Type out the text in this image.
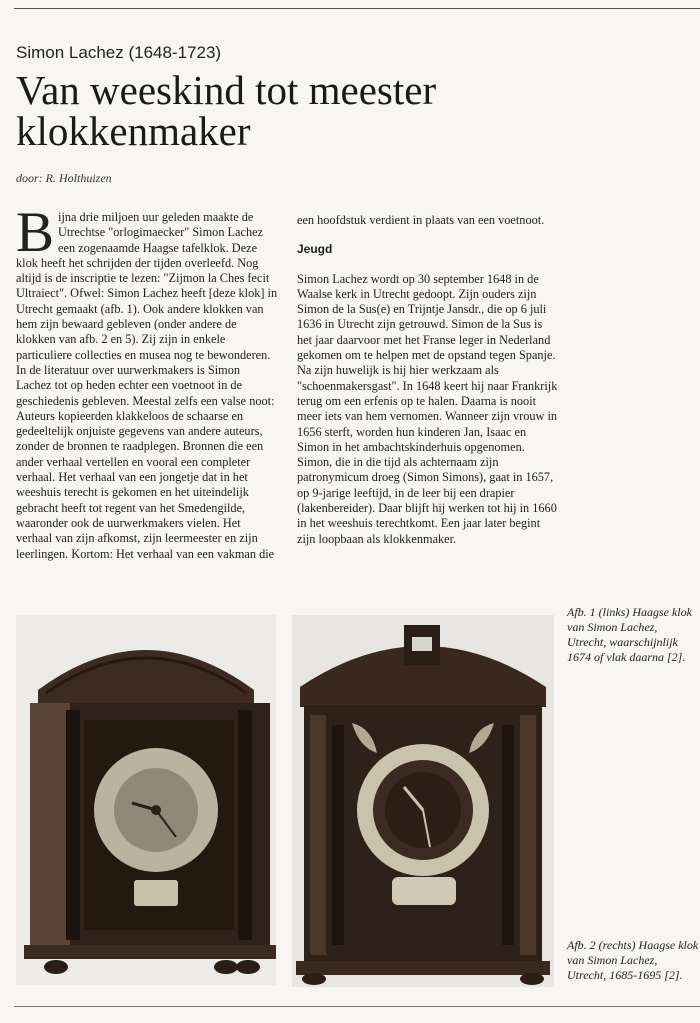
Simon Lachez (1648-1723)
Van weeskind tot meester klokkenmaker
door: R. Holthuizen

Bijna drie miljoen uur geleden maakte de Utrechtse "orlogimaecker" Simon Lachez een zogenaamde Haagse tafelklok. Deze klok heeft het schrijden der tijden overleefd. Nog altijd is de inscriptie te lezen: "Zijmon la Ches fecit Ultraiect". Ofwel: Simon Lachez heeft [deze klok] in Utrecht gemaakt (afb. 1). Ook andere klokken van hem zijn bewaard gebleven (onder andere de klokken van afb. 2 en 5). Zij zijn in enkele particuliere collecties en musea nog te bewonderen.

In de literatuur over uurwerkmakers is Simon Lachez tot op heden echter een voetnoot in de geschiedenis gebleven. Meestal zelfs een valse noot: Auteurs kopieerden klakkeloos de schaarse en gedeeltelijk onjuiste gegevens van andere auteurs, zonder de bronnen te raadplegen. Bronnen die een ander verhaal vertellen en vooral een completer verhaal. Het verhaal van een jongetje dat in het weeshuis terecht is gekomen en het uiteindelijk gebracht heeft tot regent van het Smedengilde, waaronder ook de uurwerkmakers vielen. Het verhaal van zijn afkomst, zijn leermeester en zijn leerlingen. Kortom: Het verhaal van een vakman die

een hoofdstuk verdient in plaats van een voetnoot.

Jeugd

Simon Lachez wordt op 30 september 1648 in de Waalse kerk in Utrecht gedoopt. Zijn ouders zijn Simon de la Sus(e) en Trijntje Jansdr., die op 6 juli 1636 in Utrecht zijn getrouwd. Simon de la Sus is het jaar daarvoor met het Franse leger in Nederland gekomen om te helpen met de opstand tegen Spanje. Na zijn huwelijk is hij hier werkzaam als "schoenmakersgast". In 1648 keert hij naar Frankrijk terug om een erfenis op te halen. Daarna is nooit meer iets van hem vernomen. Wanneer zijn vrouw in 1656 sterft, worden hun kinderen Jan, Isaac en Simon in het ambachtskinderhuis opgenomen. Simon, die in die tijd als achternaam zijn patronymicum droeg (Simon Simons), gaat in 1657, op 9-jarige leeftijd, in de leer bij een drapier (lakenbereider). Daar blijft hij werken tot hij in 1660 in het weeshuis terechtkomt. Een jaar later begint zijn loopbaan als klokkenmaker.

Afb. 1 (links) Haagse klok van Simon Lachez, Utrecht, waarschijnlijk 1674 of vlak daarna [2].
Afb. 2 (rechts) Haagse klok van Simon Lachez, Utrecht, 1685-1695 [2].
